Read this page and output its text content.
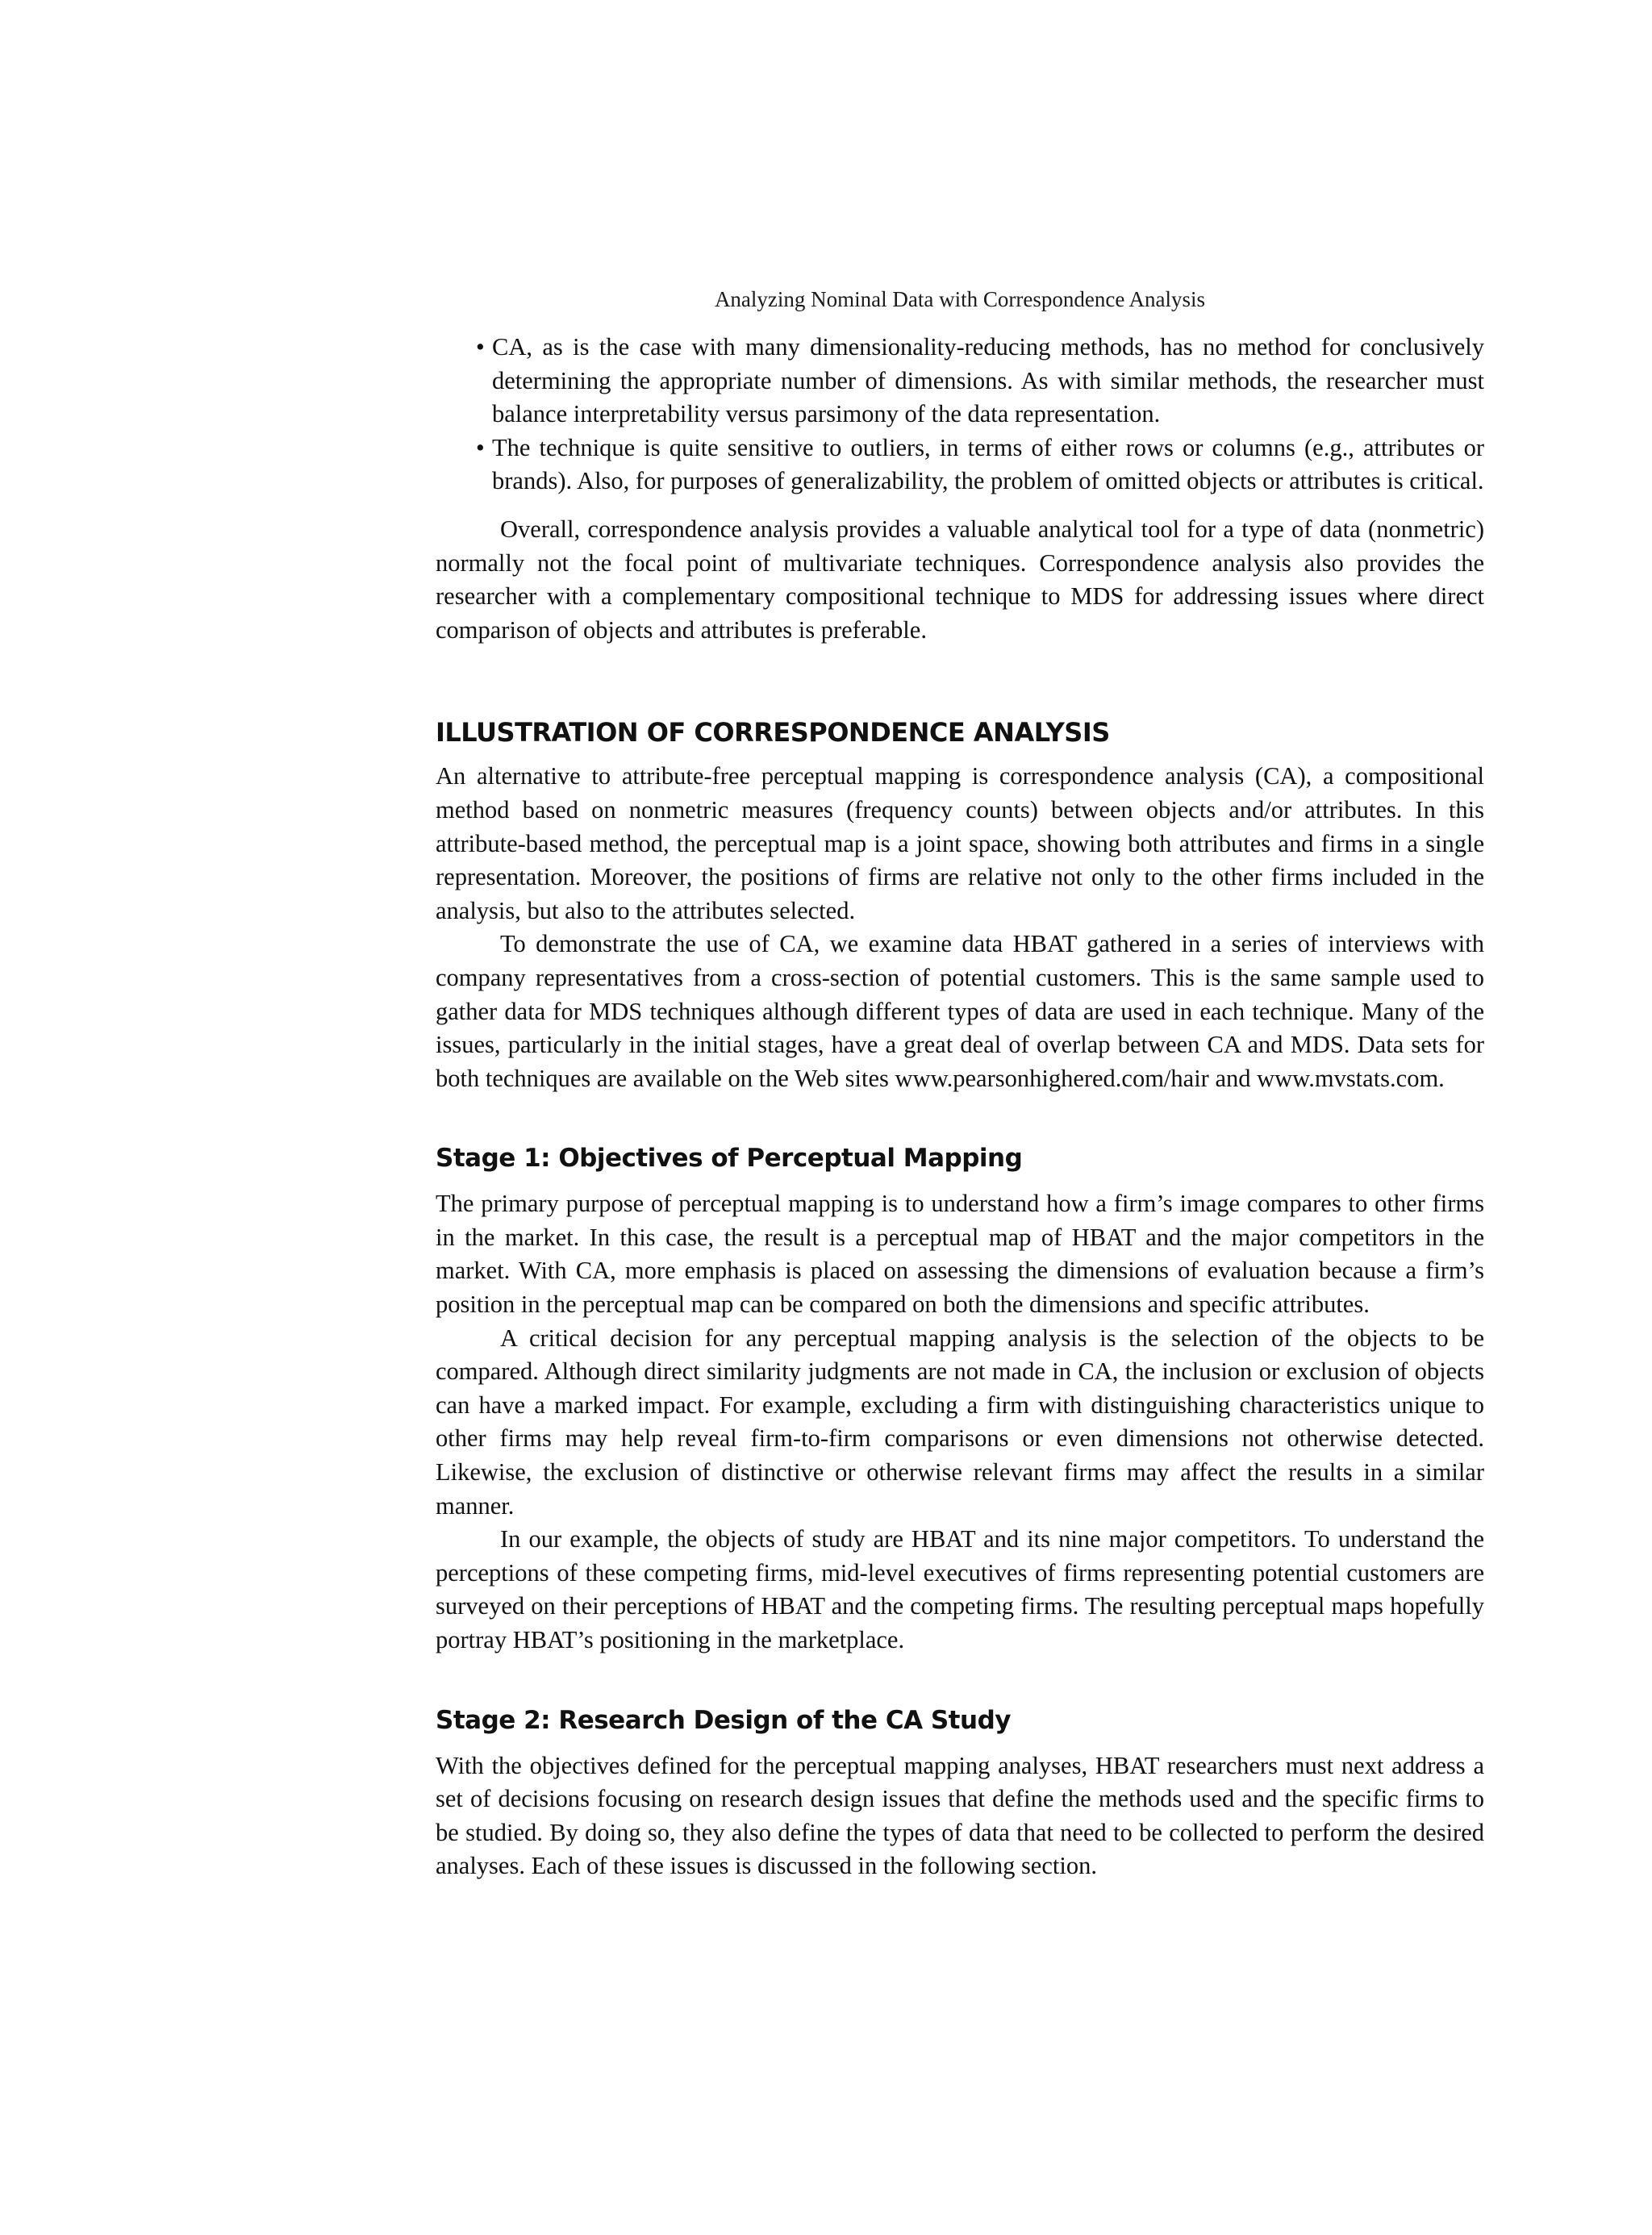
Analyzing Nominal Data with Correspondence Analysis
• CA, as is the case with many dimensionality-reducing methods, has no method for conclusively determining the appropriate number of dimensions. As with similar methods, the researcher must balance interpretability versus parsimony of the data representation.
• The technique is quite sensitive to outliers, in terms of either rows or columns (e.g., attributes or brands). Also, for purposes of generalizability, the problem of omitted objects or attributes is critical.

Overall, correspondence analysis provides a valuable analytical tool for a type of data (nonmetric) normally not the focal point of multivariate techniques. Correspondence analysis also provides the researcher with a complementary compositional technique to MDS for addressing issues where direct comparison of objects and attributes is preferable.

ILLUSTRATION OF CORRESPONDENCE ANALYSIS

An alternative to attribute-free perceptual mapping is correspondence analysis (CA), a compositional method based on nonmetric measures (frequency counts) between objects and/or attributes. In this attribute-based method, the perceptual map is a joint space, showing both attributes and firms in a single representation. Moreover, the positions of firms are relative not only to the other firms included in the analysis, but also to the attributes selected.

To demonstrate the use of CA, we examine data HBAT gathered in a series of interviews with company representatives from a cross-section of potential customers. This is the same sample used to gather data for MDS techniques although different types of data are used in each technique. Many of the issues, particularly in the initial stages, have a great deal of overlap between CA and MDS. Data sets for both techniques are available on the Web sites www.pearsonhighered.com/hair and www.mvstats.com.

Stage 1: Objectives of Perceptual Mapping

The primary purpose of perceptual mapping is to understand how a firm’s image compares to other firms in the market. In this case, the result is a perceptual map of HBAT and the major competitors in the market. With CA, more emphasis is placed on assessing the dimensions of evaluation because a firm’s position in the perceptual map can be compared on both the dimensions and specific attributes.

A critical decision for any perceptual mapping analysis is the selection of the objects to be compared. Although direct similarity judgments are not made in CA, the inclusion or exclusion of objects can have a marked impact. For example, excluding a firm with distinguishing characteristics unique to other firms may help reveal firm-to-firm comparisons or even dimensions not otherwise detected. Likewise, the exclusion of distinctive or otherwise relevant firms may affect the results in a similar manner.

In our example, the objects of study are HBAT and its nine major competitors. To understand the perceptions of these competing firms, mid-level executives of firms representing potential customers are surveyed on their perceptions of HBAT and the competing firms. The resulting perceptual maps hopefully portray HBAT’s positioning in the marketplace.

Stage 2: Research Design of the CA Study

With the objectives defined for the perceptual mapping analyses, HBAT researchers must next address a set of decisions focusing on research design issues that define the methods used and the specific firms to be studied. By doing so, they also define the types of data that need to be collected to perform the desired analyses. Each of these issues is discussed in the following section.
